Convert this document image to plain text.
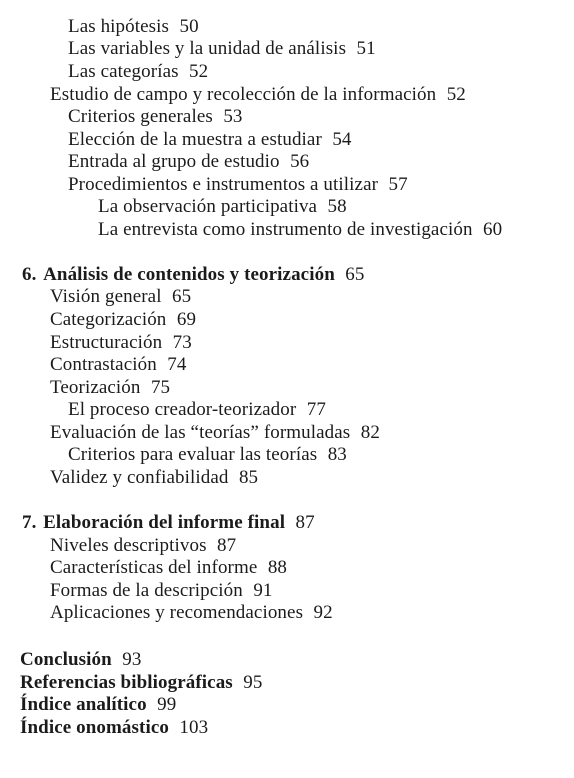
Las hipótesis 50
Las variables y la unidad de análisis 51
Las categorías 52
Estudio de campo y recolección de la información 52
Criterios generales 53
Elección de la muestra a estudiar 54
Entrada al grupo de estudio 56
Procedimientos e instrumentos a utilizar 57
La observación participativa 58
La entrevista como instrumento de investigación 60
6. Análisis de contenidos y teorización 65
Visión general 65
Categorización 69
Estructuración 73
Contrastación 74
Teorización 75
El proceso creador-teorizador 77
Evaluación de las “teorías” formuladas 82
Criterios para evaluar las teorías 83
Validez y confiabilidad 85
7. Elaboración del informe final 87
Niveles descriptivos 87
Características del informe 88
Formas de la descripción 91
Aplicaciones y recomendaciones 92
Conclusión 93
Referencias bibliográficas 95
Índice analítico 99
Índice onomástico 103
